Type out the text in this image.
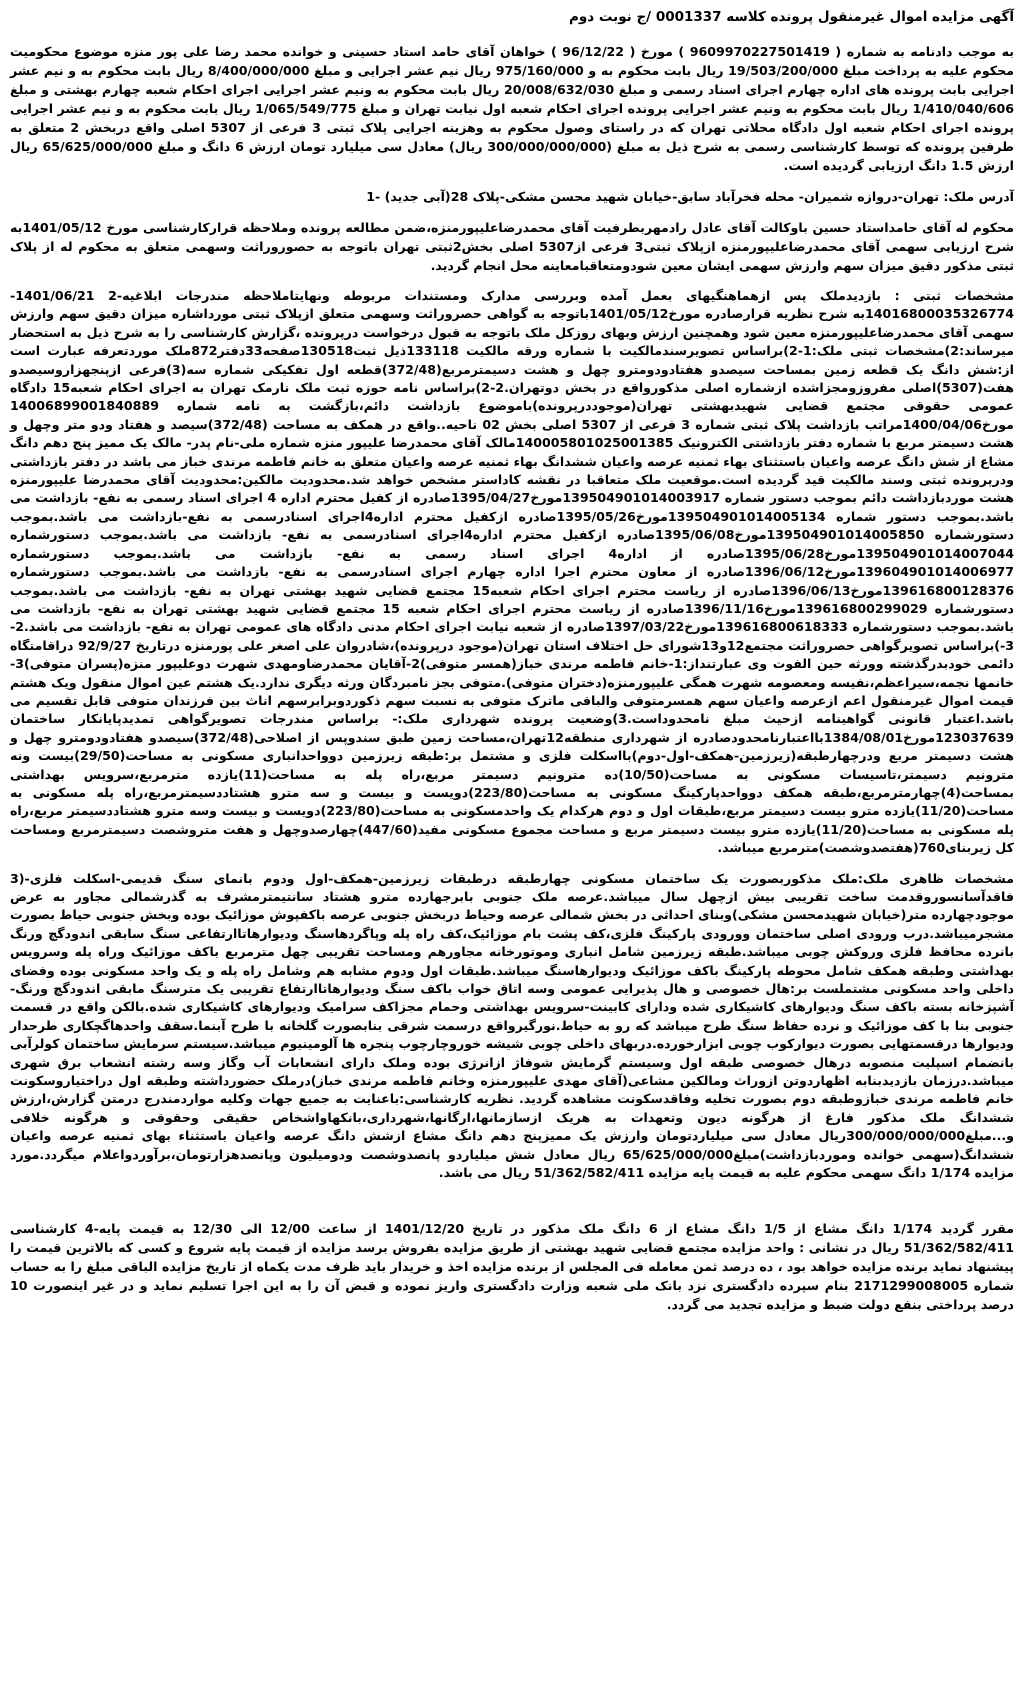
آگهی مزایده اموال غیرمنقول پرونده کلاسه 0001337 /ج نوبت دوم

به موجب دادنامه به شماره ( 9609970227501419 ) مورخ ( 96/12/22 ) خواهان آقای حامد استاد حسینی و خوانده محمد رضا علی پور منزه موضوع محکومیت محکوم علیه به پرداخت مبلغ 19/503/200/000 ریال بابت محکوم به و 975/160/000 ریال نیم عشر اجرایی و مبلغ 8/400/000/000 ریال بابت محکوم به و نیم عشر اجرایی بابت پرونده های اداره چهارم اجرای اسناد رسمی و مبلغ 20/008/632/030 ریال بابت محکوم به ونیم عشر اجرایی اجرای احکام شعبه چهارم بهشتی و مبلغ 1/410/040/606 ریال بابت محکوم به ونیم عشر اجرایی پرونده اجرای احکام شعبه اول نیابت تهران و مبلغ 1/065/549/775 ریال بابت محکوم به و نیم عشر اجرایی پرونده اجرای احکام شعبه اول دادگاه محلاتی تهران که در راستای وصول محکوم به وهزینه اجرایی پلاک ثبتی 3 فرعی از 5307 اصلی واقع دربخش 2 متعلق به طرفین پرونده که توسط کارشناسی رسمی به شرح ذیل به مبلغ (300/000/000/000 ریال) معادل سی میلیارد تومان ارزش 6 دانگ و مبلغ 65/625/000/000 ریال ارزش 1.5 دانگ ارزیابی گردیده است.

آدرس ملک: تهران-دروازه شمیران- محله فخرآباد سابق-خیابان شهید محسن مشکی-پلاک 28(آبی جدید) -1

محکوم له آقای حامداستاد حسین باوکالت آقای عادل رادمهربطرفیت آقای محمدرضاعلیپورمنزه،ضمن مطالعه پرونده وملاحظه قرارکارشناسی مورخ 1401/05/12به شرح ارزیابی سهمی آقای محمدرضاعلیپورمنزه ازپلاک ثبتی3 فرعی از5307 اصلی بخش2ثبتی تهران باتوجه به حصوروراثت وسهمی متعلق به محکوم له از پلاک ثبتی مذکور دقیق میزان سهم وارزش سهمی ایشان معین شودومتعاقبامعاینه محل انجام گردید.

مشخصات ثبتی : بازدیدملک پس ازهماهنگیهای بعمل آمده وبررسی مدارک ومستندات مربوطه ونهایتاملاحظه مندرجات ابلاغیه-2 1401/06/21-14016800035326774به شرح نظریه قرارصادره مورخ1401/05/12باتوجه به گواهی حصروراثت وسهمی متعلق ازپلاک ثبتی مورداشاره میزان دقیق سهم وارزش سهمی آقای محمدرضاعلیپورمنزه معین شود وهمچنین ارزش وبهای روزکل ملک باتوجه به قبول درخواست درپرونده ،گزارش کارشناسی را به شرح ذیل به استحضار میرساند:2)مشخصات ثبتی ملک:1-2)براساس تصویرسندمالکیت با شماره ورقه مالکیت 133118ذیل ثبت130518صفحه33دفتر872ملک موردتعرفه عبارت است از:شش دانگ یک قطعه زمین بمساحت سیصدو هفتادودومترو چهل و هشت دسیمترمربع(372/48)قطعه اول تفکیکی شماره سه(3)فرعی ازپنجهزاروسیصدو هفت(5307)اصلی مفروزومجزاشده ازشماره اصلی مذکورواقع در بخش دوتهران.2-2)براساس نامه حوزه ثبت ملک نارمک تهران به اجرای احکام شعبه15 دادگاه عمومی حقوقی مجتمع قضایی شهیدبهشتی تهران(موجوددرپرونده)باموضوع بازداشت دائم،بازگشت به نامه شماره 14006899001840889 مورخ1400/04/06مراتب بازداشت پلاک ثبتی شماره 3 فرعی از 5307 اصلی بخش 02 ناحیه..واقع در همکف به مساحت (372/48)سیصد و هفتاد ودو متر وچهل و هشت دسیمتر مربع با شماره دفتر بازداشتی الکترونیک 140005801025001385مالک آقای محمدرضا علیپور منزه شماره ملی-نام پدر- مالک یک ممیز پنج دهم دانگ مشاع از شش دانگ عرصه واعیان باستثنای بهاء ثمنیه عرصه واعیان ششدانگ بهاء ثمنیه عرصه واعیان متعلق به خانم فاطمه مرندی خباز می باشد در دفتر بازداشتی ودرپرونده ثبتی وسند مالکیت قید گردیده است.موقعیت ملک متعاقبا در نقشه کاداستر مشخص خواهد شد.محدودیت مالکین:محدودیت آقای محمدرضا علیپورمنزه هشت موردبازداشت دائم بموجب دستور شماره 139504901014003917مورخ1395/04/27صادره از کفیل محترم اداره 4 اجرای اسناد رسمی به نفع- بازداشت می باشد.بموجب دستور شماره 139504901014005134مورخ1395/05/26صادره ازکفیل محترم اداره4اجرای اسنادرسمی به نفع-بازداشت می باشد.بموجب دستورشماره 139504901014005850مورخ1395/06/08صادره ازکفیل محترم اداره4اجرای اسنادرسمی به نفع- بازداشت می باشد.بموجب دستورشماره 139504901014007044مورخ1395/06/28صادره از اداره4 اجرای اسناد رسمی به نفع- بازداشت می باشد.بموجب دستورشماره 139604901014006977مورخ1396/06/12صادره از معاون محترم اجرا اداره چهارم اجرای اسنادرسمی به نفع- بازداشت می باشد.بموجب دستورشماره 139616800128376مورخ1396/06/13صادره از ریاست محترم اجرای احکام شعبه15 مجتمع قضایی شهید بهشتی تهران به نفع- بازداشت می باشد.بموجب دستورشماره 139616800299029مورخ1396/11/16صادره از ریاست محترم اجرای احکام شعبه 15 مجتمع قضایی شهید بهشتی تهران به نفع- بازداشت می باشد.بموجب دستورشماره 139616800618333مورخ1397/03/22صادره از شعبه نیابت اجرای احکام مدنی دادگاه های عمومی تهران به نفع- بازداشت می باشد.2-3-)براساس تصویرگواهی حصروراثت مجتمع12و13شورای حل اختلاف استان تهران(موجود درپرونده)،شادروان علی اصغر علی پورمنزه درتاریخ 92/9/27 دراقامتگاه دائمی خودبدرگذشته وورثه حین الفوت وی عبارتنداز:1-خانم فاطمه مرندی خباز(همسر متوفی)2-آقایان محمدرضاومهدی شهرت دوعلیپور منزه(پسران متوفی)3-خانمها نجمه،سیراعظم،نفیسه ومعصومه شهرت همگی علیپورمنزه(دختران متوفی).متوفی بجز نامبردگان ورثه دیگری ندارد.یک هشتم عین اموال منقول ویک هشتم قیمت اموال غیرمنقول اعم ازعرصه واعیان سهم همسرمتوفی والباقی ماترک متوفی به نسبت سهم ذکوردوبرابرسهم اناث بین فرزندان متوفی قابل تقسیم می باشد.اعتبار قانونی گواهینامه ازحیث مبلغ نامحدوداست.3)وضعیت پرونده شهرداری ملک:- براساس مندرجات تصویرگواهی تمدیدپایانکار ساختمان 123037639مورخ1384/08/01بااعتبارنامحدودصادره از شهرداری منطقه12تهران،مساحت زمین طبق سندوپس از اصلاحی(372/48)سیصدو هفتادودومترو چهل و هشت دسیمتر مربع ودرچهارطبقه(زیرزمین-همکف-اول-دوم)بااسکلت فلزی و مشتمل بر:طبقه زیرزمین دوواحدانباری مسکونی به مساحت(29/50)بیست ونه مترونیم دسیمتر،تاسیسات مسکونی به مساحت(10/50)ده مترونیم دسیمتر مربع،راه پله به مساحت(11)یازده مترمربع،سرویس بهداشتی بمساحت(4)چهارمترمربع،طبقه همکف دوواحدپارکینگ مسکونی به مساحت(223/80)دویست و بیست و سه مترو هشتاددسیمترمربع،راه پله مسکونی به مساحت(11/20)یازده مترو بیست دسیمتر مربع،طبقات اول و دوم هرکدام یک واحدمسکونی به مساحت(223/80)دویست و بیست وسه مترو هشتاددسیمتر مربع،راه پله مسکونی به مساحت(11/20)یازده مترو بیست دسیمتر مربع و مساحت مجموع مسکونی مفید(447/60)چهارصدوچهل و هفت متروشصت دسیمترمربع ومساحت کل زیربنای760(هفتصدوشصت)مترمربع میباشد.

مشخصات ظاهری ملک:ملک مذکوربصورت یک ساختمان مسکونی چهارطبقه درطبقات زیرزمین-همکف-اول ودوم بانمای سنگ قدیمی-اسکلت فلزی-(3 فاقدآسانسوروقدمت ساخت تقریبی بیش ازچهل سال میباشد.عرصه ملک جنوبی بابرجهارده مترو هشتاد سانتیمترمشرف به گذرشمالی مجاور به عرض موجودچهارده متر(خیابان شهیدمحسن مشکی)وبنای احداثی در بخش شمالی عرصه وحیاط دربخش جنوبی عرصه باکفپوش موزائیک بوده وبخش جنوبی حیاط بصورت مشجرمیباشد.درب ورودی اصلی ساختمان وورودی پارکینگ فلزی،کف پشت بام موزائیک،کف راه پله وپاگردهاسنگ ودیوارهاتاارتفاعی سنگ سابقی اندودگچ ورنگ بانرده محافظ فلزی وروکش چوبی میباشد.طبقه زیرزمین شامل انباری وموتورخانه مجاورهم ومساحت تقریبی چهل مترمربع باکف موزائیک وراه پله وسرویس بهداشتی وطبقه همکف شامل محوطه پارکینگ باکف موزائیک ودیوارهاسنگ میباشد.طبقات اول ودوم مشابه هم وشامل راه پله و یک واحد مسکونی بوده وفضای داخلی واحد مسکونی مشتملست بر:هال خصوصی و هال پذیرایی عمومی وسه اتاق خواب باکف سنگ ودیوارهاتاارتفاع تقریبی یک مترسنگ مابقی اندودگچ ورنگ-آشپزخانه بسته باکف سنگ ودیوارهای کاشیکاری شده ودارای کابینت-سرویس بهداشتی وحمام مجزاکف سرامیک ودیوارهای کاشیکاری شده.بالکن واقع در قسمت جنوبی بنا با کف موزائیک و نرده حفاظ سنگ طرح میباشد که رو به حیاط.نورگیرواقع درسمت شرقی بنابصورت گلخانه با طرح آبنما.سقف واحدهاگچکاری طرحدار ودیوارها درقسمتهایی بصورت دیوارکوب چوبی ابزارخورده.دربهای داخلی چوبی شیشه خوروچارچوب پنجره ها آلومینیوم میباشد.سیستم سرمایش ساختمان کولرآبی بانضمام اسپلیت منصوبه درهال خصوصی طبقه اول وسیستم گرمایش شوفاژ ازانرژی بوده وملک دارای انشعابات آب وگاز وسه رشته انشعاب برق شهری میباشد.درزمان بازدیدبنابه اظهاردوتن ازوراث ومالکین مشاعی(آقای مهدی علیپورمنزه وخانم فاطمه مرندی خباز)درملک حضورداشته وطبقه اول دراختیاروسکونت خانم فاطمه مرندی خبازوطبقه دوم بصورت تخلیه وفاقدسکونت مشاهده گردید. نظریه کارشناسی:باعنایت به جمیع جهات وکلیه مواردمندرج درمتن گزارش،ارزش ششدانگ ملک مذکور فارغ از هرگونه دیون وتعهدات به هریک ازسازمانها،ارگانها،شهرداری،بانکهاواشخاص حقیقی وحقوقی و هرگونه خلافی و...مبلغ300/000/000/000ریال معادل سی میلیاردتومان وارزش یک ممیزپنج دهم دانگ مشاع ازشش دانگ عرصه واعیان باستثناء بهای ثمنیه عرصه واعیان ششدانگ(سهمی خوانده وموردبازداشت)مبلغ65/625/000/000 ریال معادل شش میلیاردو پانصدوشصت ودومیلیون وپانصدهزارتومان،برآوردواعلام میگردد.مورد مزایده 1/174 دانگ سهمی محکوم علیه به قیمت پایه مزایده 51/362/582/411 ریال می باشد.

مقرر گردید 1/174 دانگ مشاع از 1/5 دانگ مشاع از 6 دانگ ملک مذکور در تاریخ 1401/12/20 از ساعت 12/00 الی 12/30 به قیمت پایه-4 کارشناسی 51/362/582/411 ریال در نشانی : واحد مزایده مجتمع قضایی شهید بهشتی از طریق مزایده بفروش برسد مزایده از قیمت پایه شروع و کسی که بالاترین قیمت را پیشنهاد نماید برنده مزایده خواهد بود ، ده درصد ثمن معامله فی المجلس از برنده مزایده اخذ و خریدار باید ظرف مدت یکماه از تاریخ مزایده الباقی مبلغ را به حساب شماره 2171299008005 بنام سپرده دادگستری نزد بانک ملی شعبه وزارت دادگستری واریز نموده و قبض آن را به این اجرا تسلیم نماید و در غیر اینصورت 10 درصد پرداختی بنفع دولت ضبط و مزایده تجدید می گردد.
